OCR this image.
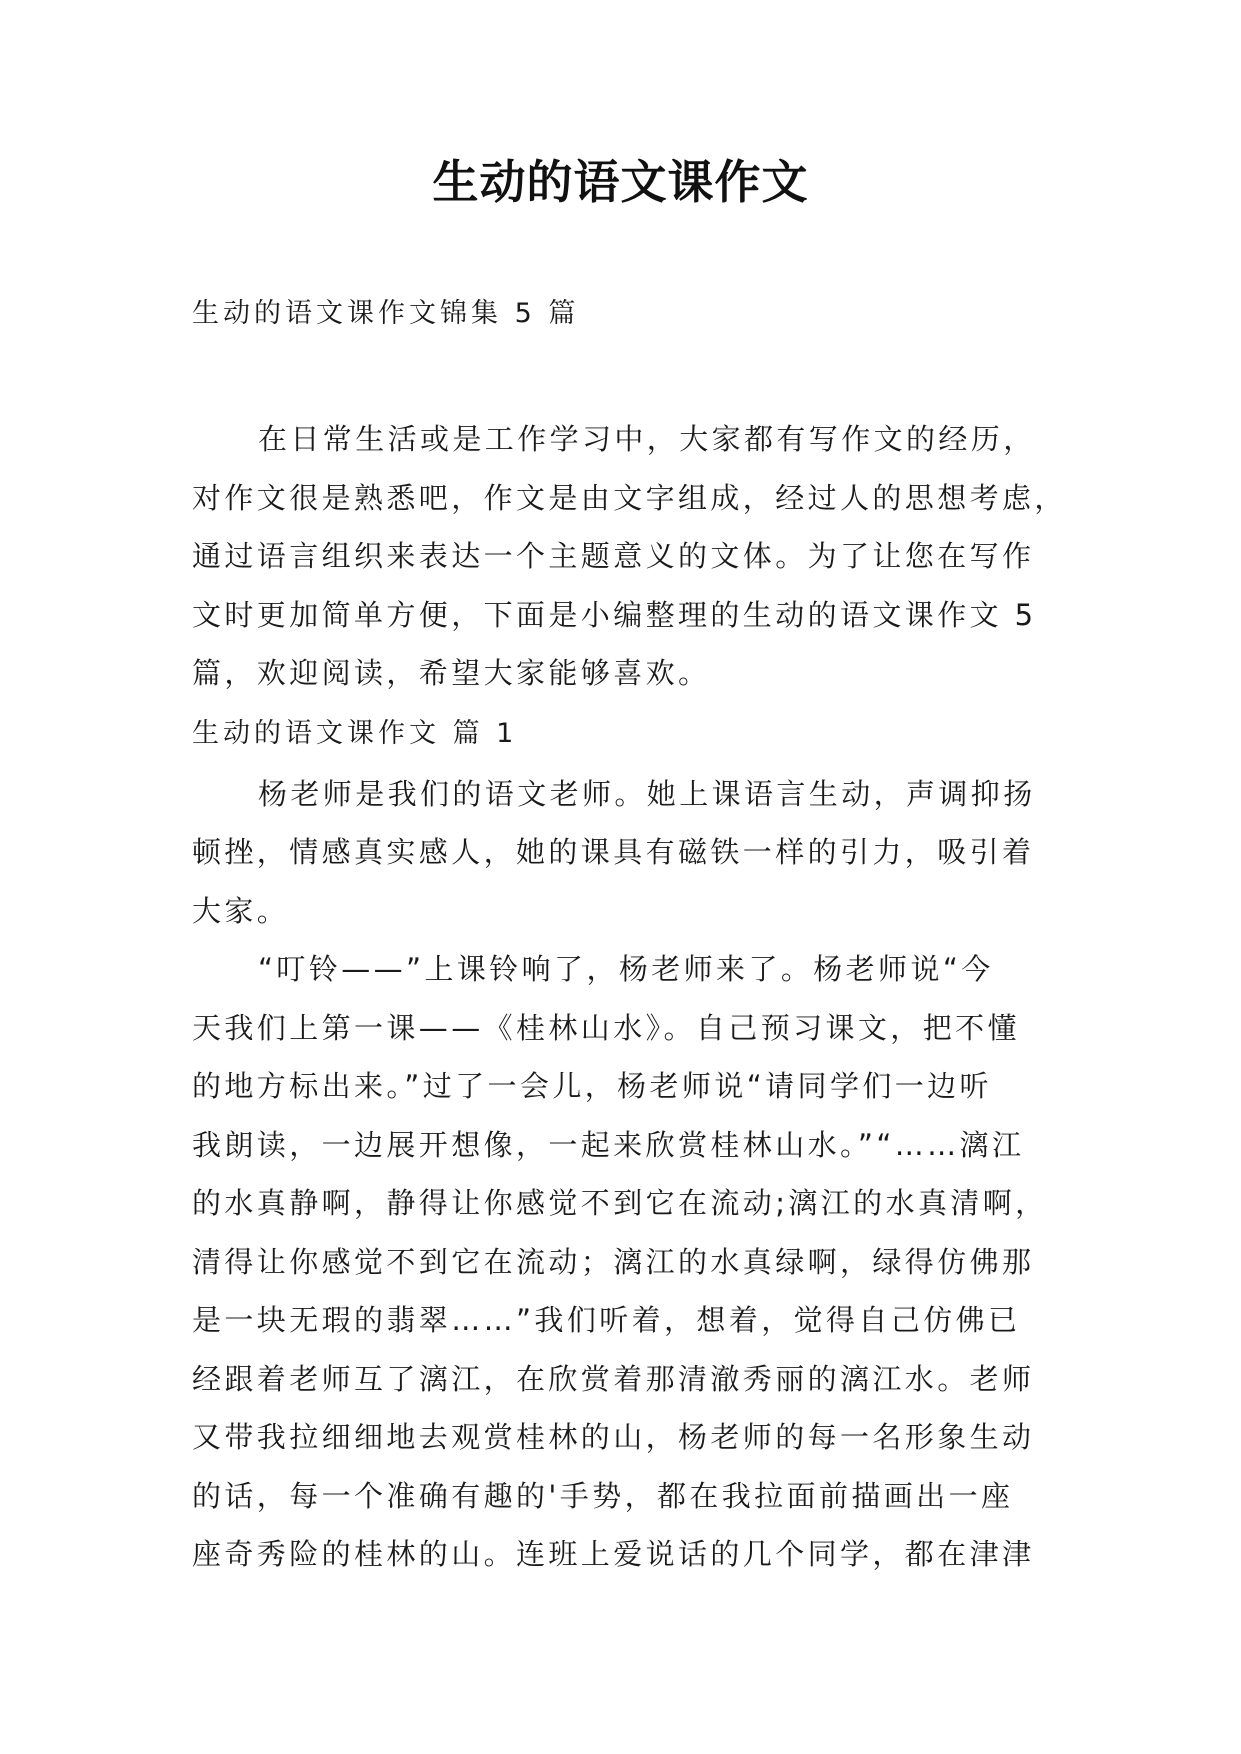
生动的语文课作文
生动的语文课作文锦集 5 篇
在日常生活或是工作学习中，大家都有写作文的经历，
对作文很是熟悉吧，作文是由文字组成，经过人的思想考虑，
通过语言组织来表达一个主题意义的文体。为了让您在写作
文时更加简单方便，下面是小编整理的生动的语文课作文 5
篇，欢迎阅读，希望大家能够喜欢。
生动的语文课作文 篇 1
杨老师是我们的语文老师。她上课语言生动，声调抑扬
顿挫，情感真实感人，她的课具有磁铁一样的引力，吸引着
大家。
“叮铃——”上课铃响了，杨老师来了。杨老师说“今
天我们上第一课——《桂林山水》。自己预习课文，把不懂
的地方标出来。”过了一会儿，杨老师说“请同学们一边听
我朗读，一边展开想像，一起来欣赏桂林山水。”“……漓江
的水真静啊，静得让你感觉不到它在流动;漓江的水真清啊，
清得让你感觉不到它在流动；漓江的水真绿啊，绿得仿佛那
是一块无瑕的翡翠……”我们听着，想着，觉得自己仿佛已
经跟着老师互了漓江，在欣赏着那清澈秀丽的漓江水。老师
又带我拉细细地去观赏桂林的山，杨老师的每一名形象生动
的话，每一个准确有趣的'手势，都在我拉面前描画出一座
座奇秀险的桂林的山。连班上爱说话的几个同学，都在津津
